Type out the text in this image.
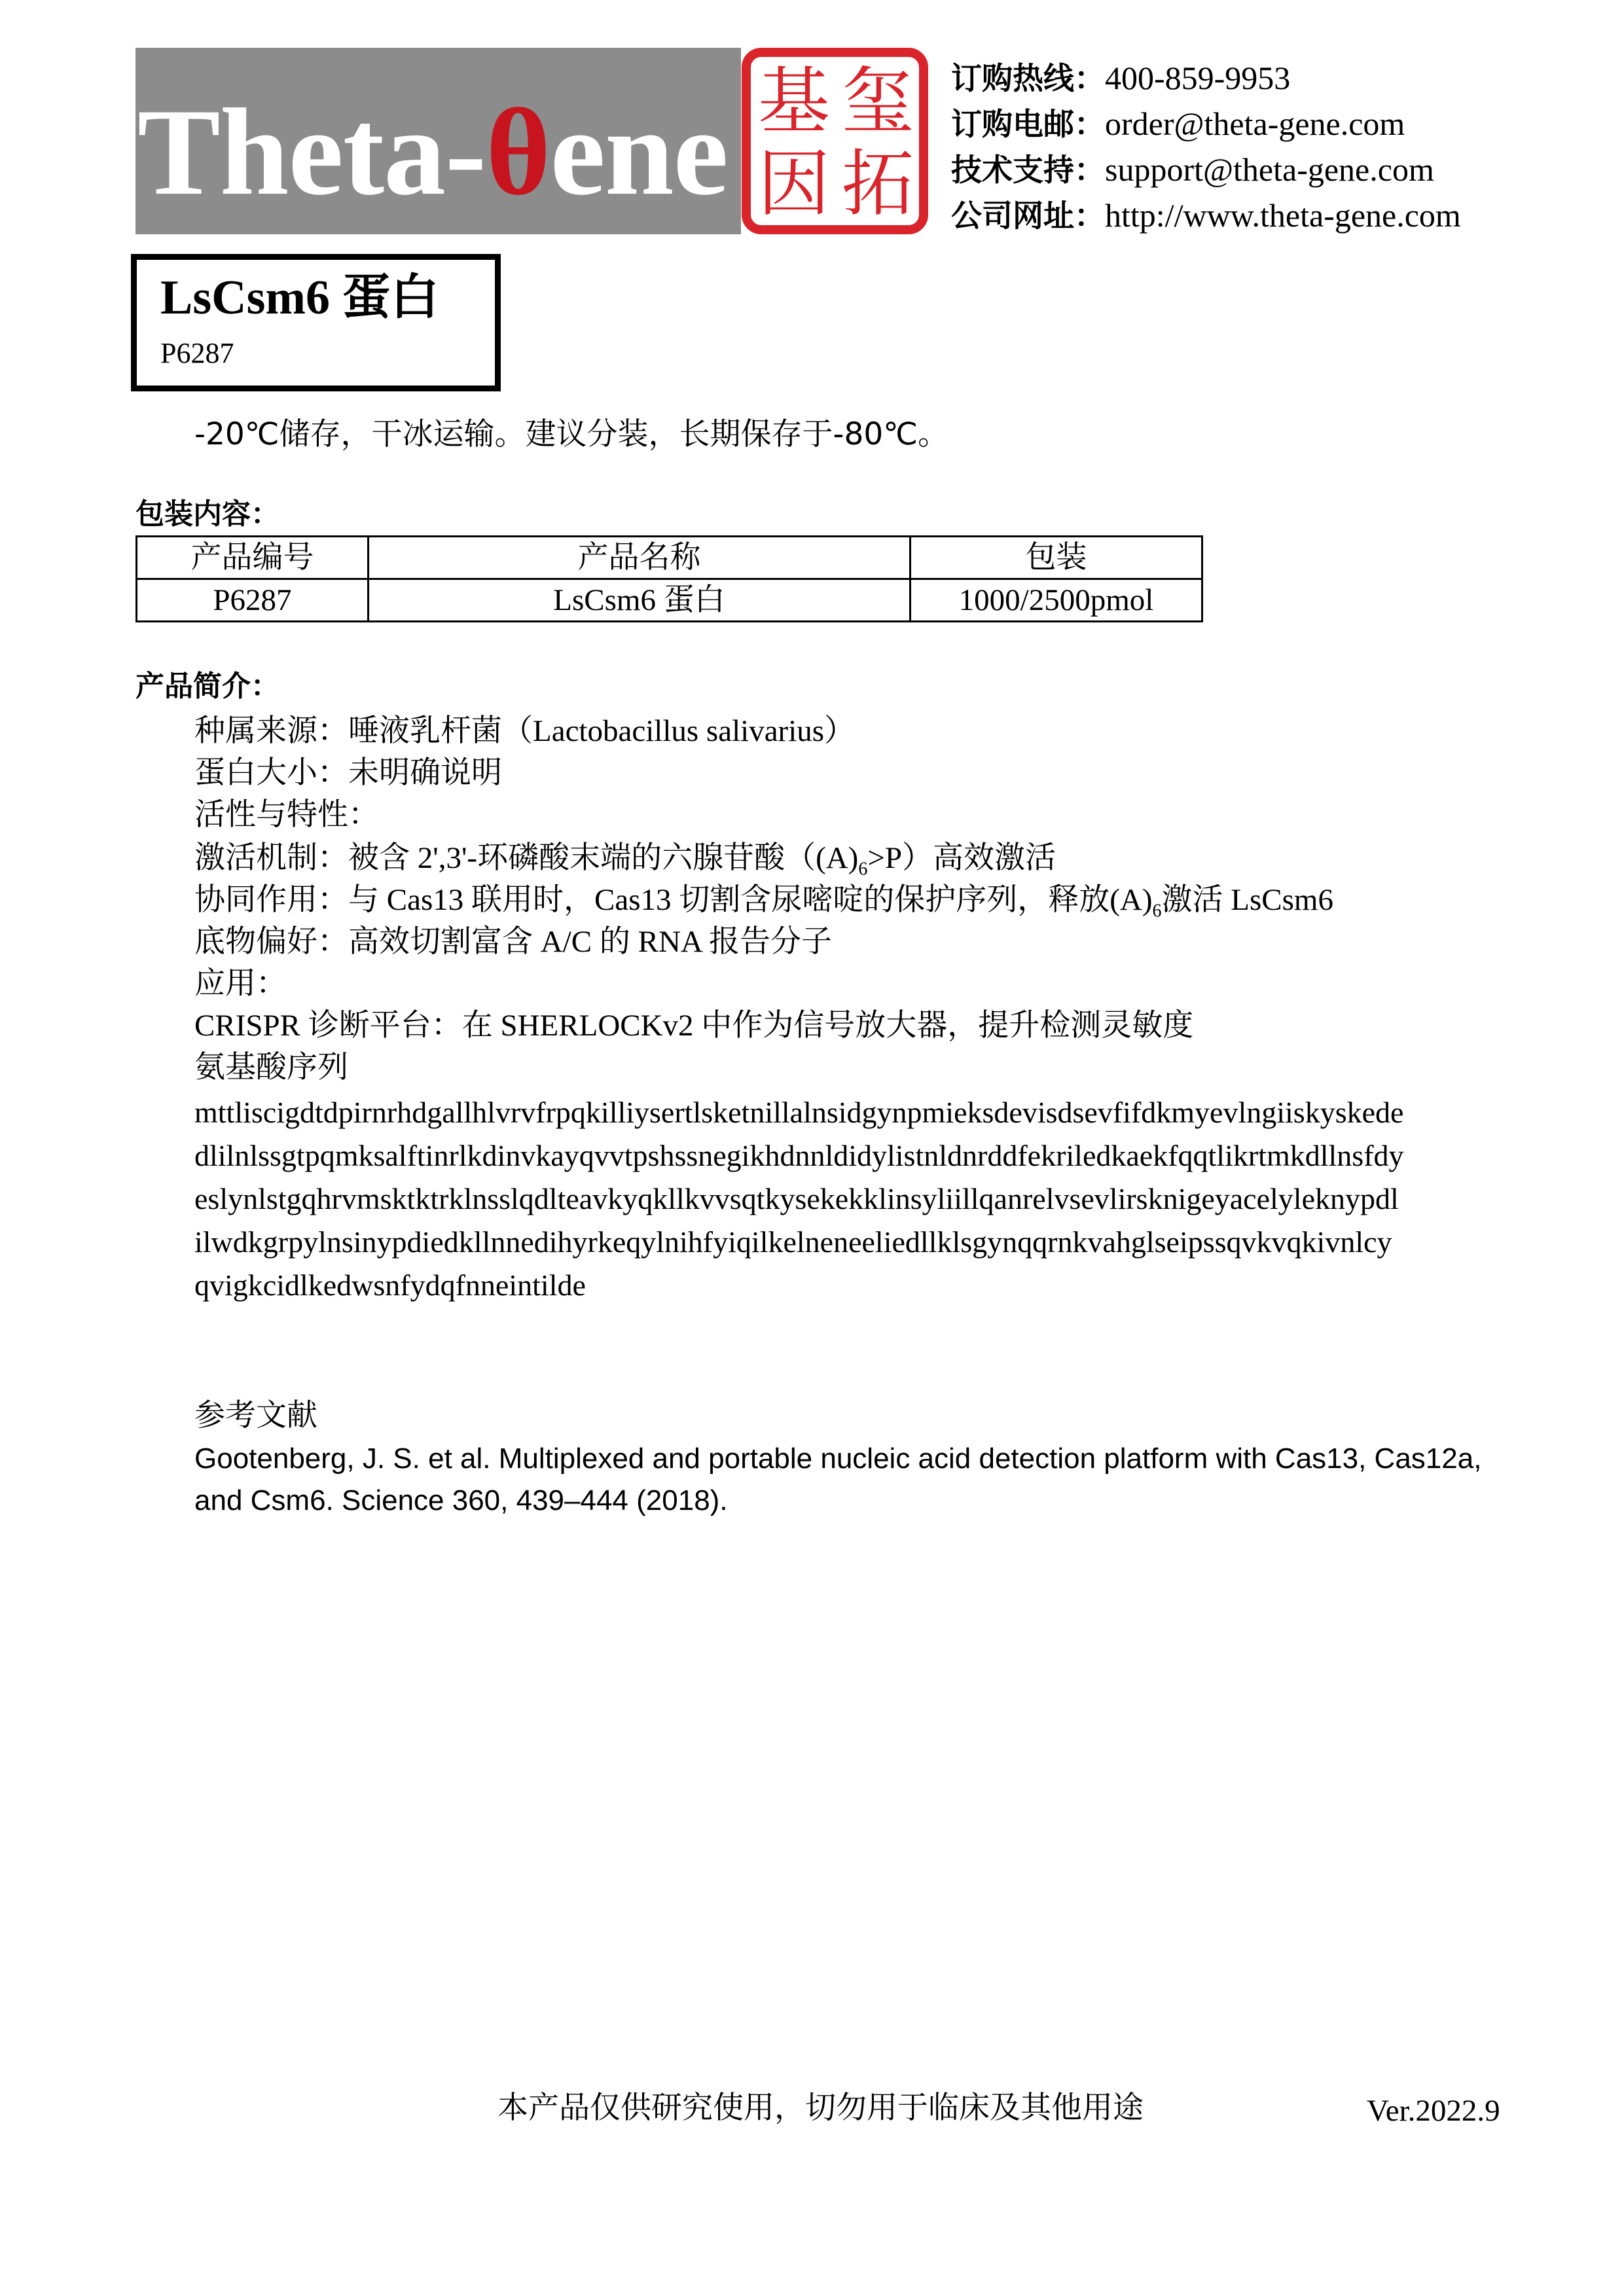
Theta-θene 基 玺
因 拓
订购热线：400-859-9953
订购电邮：order@theta-gene.com
技术支持：support@theta-gene.com
公司网址：http://www.theta-gene.com
LsCsm6 蛋白
P6287
-20℃储存，干冰运输。建议分装，长期保存于-80℃。
包装内容：
产品编号	产品名称	包装
P6287	LsCsm6 蛋白	1000/2500pmol
产品简介：
种属来源：唾液乳杆菌（Lactobacillus salivarius）
蛋白大小：未明确说明
活性与特性：
激活机制：被含 2',3'-环磷酸末端的六腺苷酸$((A)_6>P)$高效激活
协同作用：与 Cas13 联用时，Cas13 切割含尿嘧啶的保护序列，释放$(A)_6$激活 LsCsm6
底物偏好：高效切割富含 A/C 的 RNA 报告分子
应用：
CRISPR 诊断平台：在 SHERLOCKv2 中作为信号放大器，提升检测灵敏度
氨基酸序列
mttliscigdtdpirnrhdgallhlvrvfrpqkilliysertlsketnillalnsidgynpmieksdevisdsevfifdkmyevlngiiskyskede
dlilnlssgtpqmksalftinrlkdinvkayqvvtpshssnegikhdnnldidylistnldnrddfekriledkaekfqqtlikrtmkdllnsfdy
eslynlstgqhrvmsktktrklnsslqdlteavkyqkllkvvsqtkysekekklinsyliillqanrelvsevlirsknigeyacelyleknypdl
ilwdkgrpylnsinypdiedkllnnedihyrkeqylnihfyiqilkelneneeliedllklsgynqqrnkvahglseipssqvkvqkivnlcy
qvigkcidlkedwsnfydqfnneintilde
参考文献
Gootenberg, J. S. et al. Multiplexed and portable nucleic acid detection platform with Cas13, Cas12a,
and Csm6. Science 360, 439–444 (2018).
本产品仅供研究使用，切勿用于临床及其他用途	Ver.2022.9
